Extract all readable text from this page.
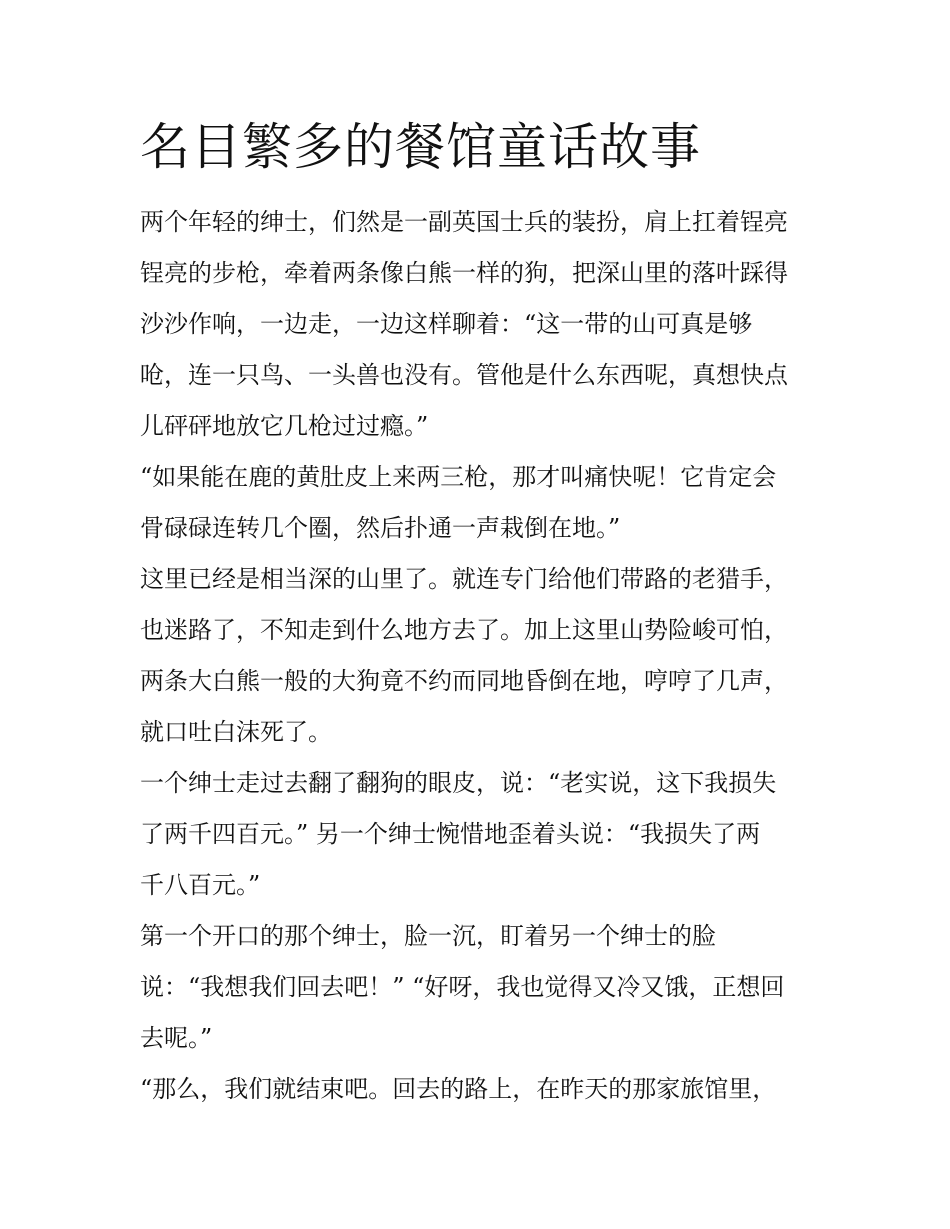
名目繁多的餐馆童话故事

两个年轻的绅士，们然是一副英国士兵的装扮，肩上扛着锃亮

锃亮的步枪，牵着两条像白熊一样的狗，把深山里的落叶踩得

沙沙作响，一边走，一边这样聊着：“这一带的山可真是够

呛，连一只鸟、一头兽也没有。管他是什么东西呢，真想快点

儿砰砰地放它几枪过过瘾。”

“如果能在鹿的黄肚皮上来两三枪，那才叫痛快呢！它肯定会

骨碌碌连转几个圈，然后扑通一声栽倒在地。”

这里已经是相当深的山里了。就连专门给他们带路的老猎手，

也迷路了，不知走到什么地方去了。加上这里山势险峻可怕，

两条大白熊一般的大狗竟不约而同地昏倒在地，哼哼了几声，

就口吐白沫死了。

一个绅士走过去翻了翻狗的眼皮，说：“老实说，这下我损失

了两千四百元。” 另一个绅士惋惜地歪着头说：“我损失了两

千八百元。”

第一个开口的那个绅士，脸一沉，盯着另一个绅士的脸

说：“我想我们回去吧！” “好呀，我也觉得又冷又饿，正想回

去呢。”

“那么，我们就结束吧。回去的路上，在昨天的那家旅馆里，
